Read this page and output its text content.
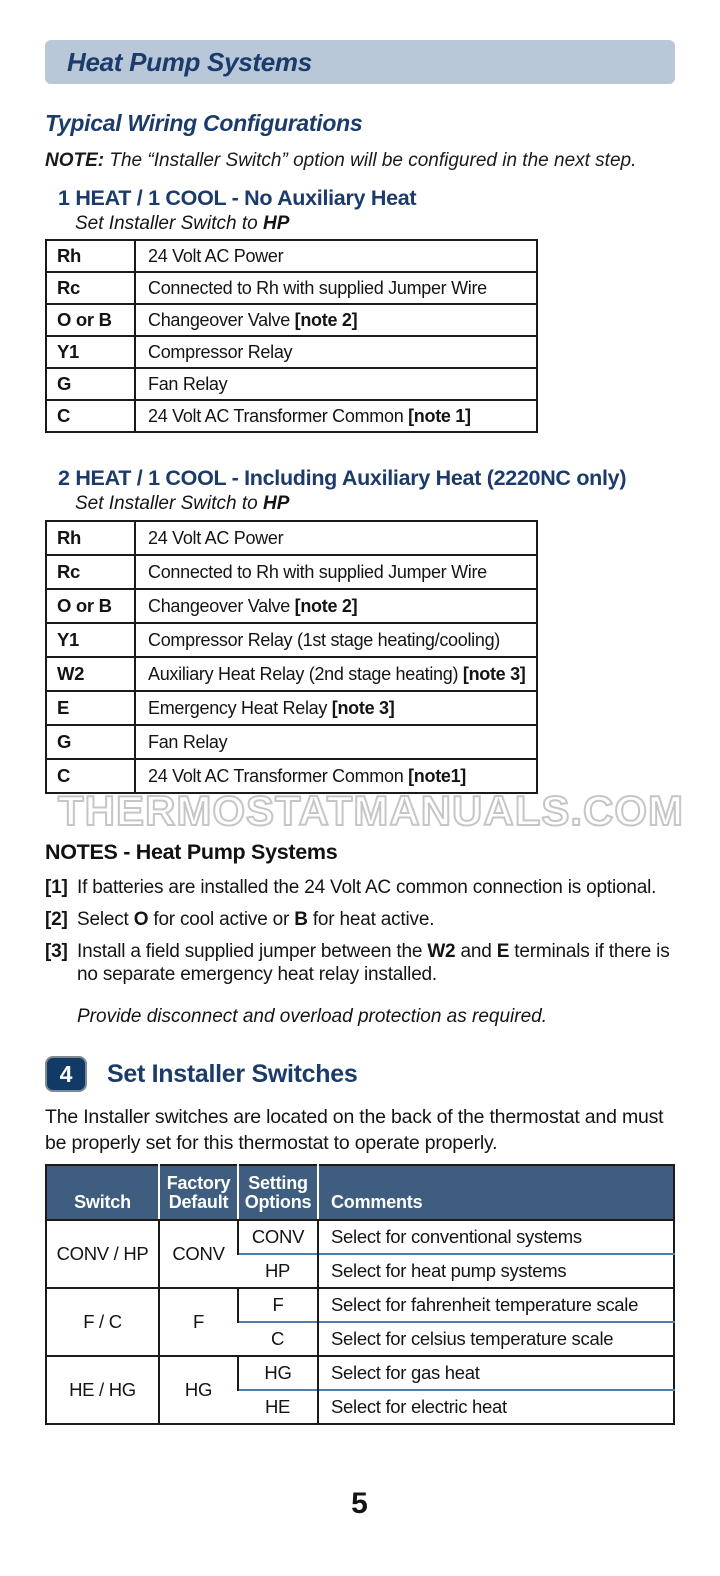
Heat Pump Systems
Typical Wiring Configurations

NOTE: The “Installer Switch” option will be configured in the next step.

1 HEAT / 1 COOL - No Auxiliary Heat

Set Installer Switch to HP

Rh	24 Volt AC Power
Rc	Connected to Rh with supplied Jumper Wire
O or B	Changeover Valve [note 2]
Y1	Compressor Relay
G	Fan Relay
C	24 Volt AC Transformer Common [note 1]
2 HEAT / 1 COOL - Including Auxiliary Heat (2220NC only)

Set Installer Switch to HP

Rh	24 Volt AC Power
Rc	Connected to Rh with supplied Jumper Wire
O or B	Changeover Valve [note 2]
Y1	Compressor Relay (1st stage heating/cooling)
W2	Auxiliary Heat Relay (2nd stage heating) [note 3]
E	Emergency Heat Relay [note 3]
G	Fan Relay
C	24 Volt AC Transformer Common [note1]
NOTES - Heat Pump Systems
[1] If batteries are installed the 24 Volt AC common connection is optional.
[2] Select O for cool active or B for heat active.
[3] Install a field supplied jumper between the W2 and E terminals if there is no separate emergency heat relay installed.

Provide disconnect and overload protection as required.

4 Set Installer Switches

The Installer switches are located on the back of the thermostat and must be properly set for this thermostat to operate properly.

Switch	Factory Default	Setting Options	Comments
CONV / HP	CONV	CONV	Select for conventional systems
		HP	Select for heat pump systems
F / C	F	F	Select for fahrenheit temperature scale
		C	Select for celsius temperature scale
HE / HG	HG	HG	Select for gas heat
		HE	Select for electric heat
5
THERMOSTATMANUALS.COM
